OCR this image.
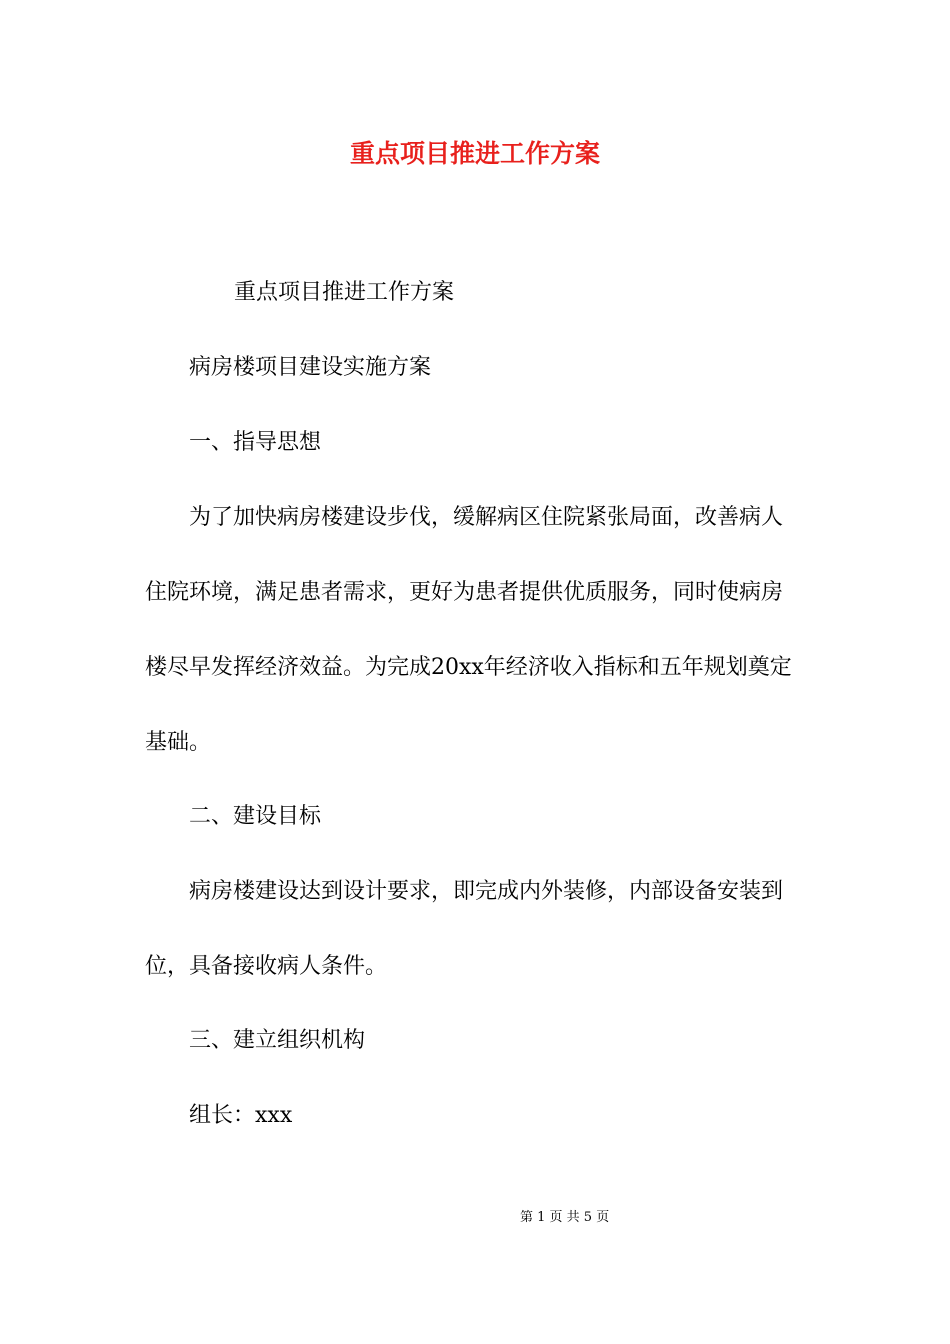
重点项目推进工作方案
重点项目推进工作方案
病房楼项目建设实施方案
一、指导思想
为了加快病房楼建设步伐，缓解病区住院紧张局面，改善病人
住院环境，满足患者需求，更好为患者提供优质服务，同时使病房
楼尽早发挥经济效益。为完成20xx年经济收入指标和五年规划奠定
基础。
二、建设目标
病房楼建设达到设计要求，即完成内外装修，内部设备安装到
位，具备接收病人条件。
三、建立组织机构
组长：xxx
第 1 页 共 5 页
